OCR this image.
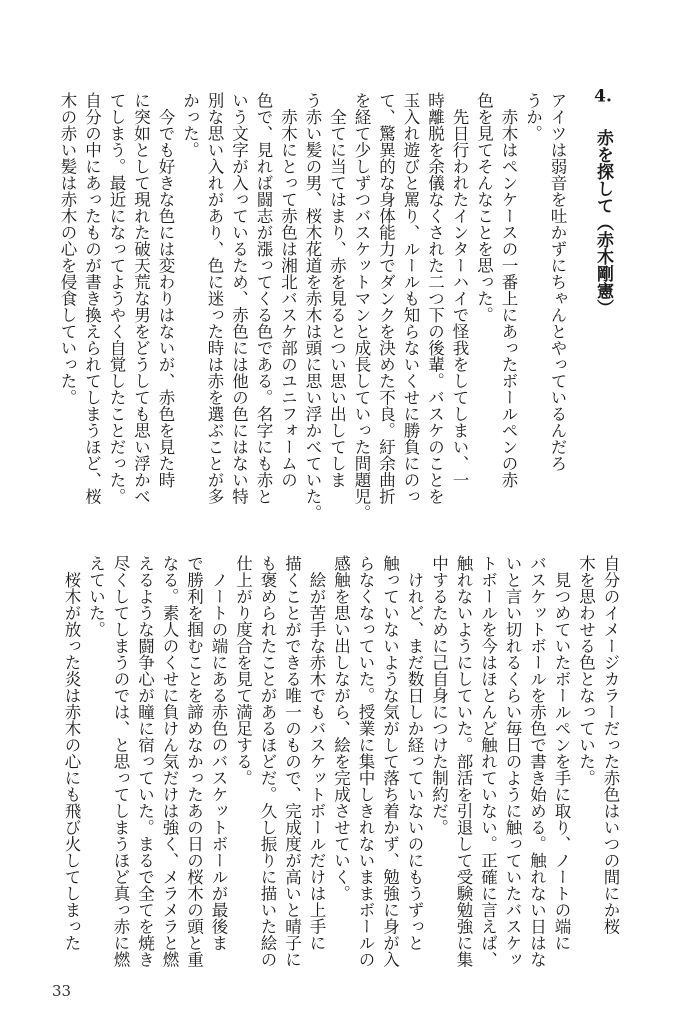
4.赤を探して（赤木剛憲）
アイツは弱音を吐かずにちゃんとやっているんだろ
うか。
　赤木はペンケースの一番上にあったボールペンの赤
色を見てそんなことを思った。
　先日行われたインターハイで怪我をしてしまい、一
時離脱を余儀なくされた二つ下の後輩。バスケのことを
玉入れ遊びと罵り、ルールも知らないくせに勝負にのっ
て、驚異的な身体能力でダンクを決めた不良。紆余曲折
を経て少しずつバスケットマンと成長していった問題児。
　全てに当てはまり、赤を見るとつい思い出してしま
う赤い髪の男、桜木花道を赤木は頭に思い浮かべていた。
　赤木にとって赤色は湘北バスケ部のユニフォームの
色で、見れば闘志が漲ってくる色である。名字にも赤と
いう文字が入っているため、赤色には他の色にはない特
別な思い入れがあり、色に迷った時は赤を選ぶことが多
かった。
　今でも好きな色には変わりはないが、赤色を見た時
に突如として現れた破天荒な男をどうしても思い浮かべ
てしまう。最近になってようやく自覚したことだった。
自分の中にあったものが書き換えられてしまうほど、桜
木の赤い髪は赤木の心を侵食していった。
自分のイメージカラーだった赤色はいつの間にか桜
木を思わせる色となっていた。
　見つめていたボールペンを手に取り、ノートの端に
バスケットボールを赤色で書き始める。触れない日はな
いと言い切れるくらい毎日のように触っていたバスケッ
トボールを今はほとんど触れていない。正確に言えば、
触れないようにしていた。部活を引退して受験勉強に集
中するために己自身につけた制約だ。
　けれど、まだ数日しか経っていないのにもうずっと
触っていないような気がして落ち着かず、勉強に身が入
らなくなっていた。授業に集中しきれないままボールの
感触を思い出しながら、絵を完成させていく。
　絵が苦手な赤木でもバスケットボールだけは上手に
描くことができる唯一のもので、完成度が高いと晴子に
も褒められたことがあるほどだ。久し振りに描いた絵の
仕上がり度合を見て満足する。
　ノートの端にある赤色のバスケットボールが最後ま
で勝利を掴むことを諦めなかったあの日の桜木の頭と重
なる。素人のくせに負けん気だけは強く、メラメラと燃
えるような闘争心が瞳に宿っていた。まるで全てを焼き
尽くしてしまうのでは、と思ってしまうほど真っ赤に燃
えていた。
　桜木が放った炎は赤木の心にも飛び火してしまった
33
